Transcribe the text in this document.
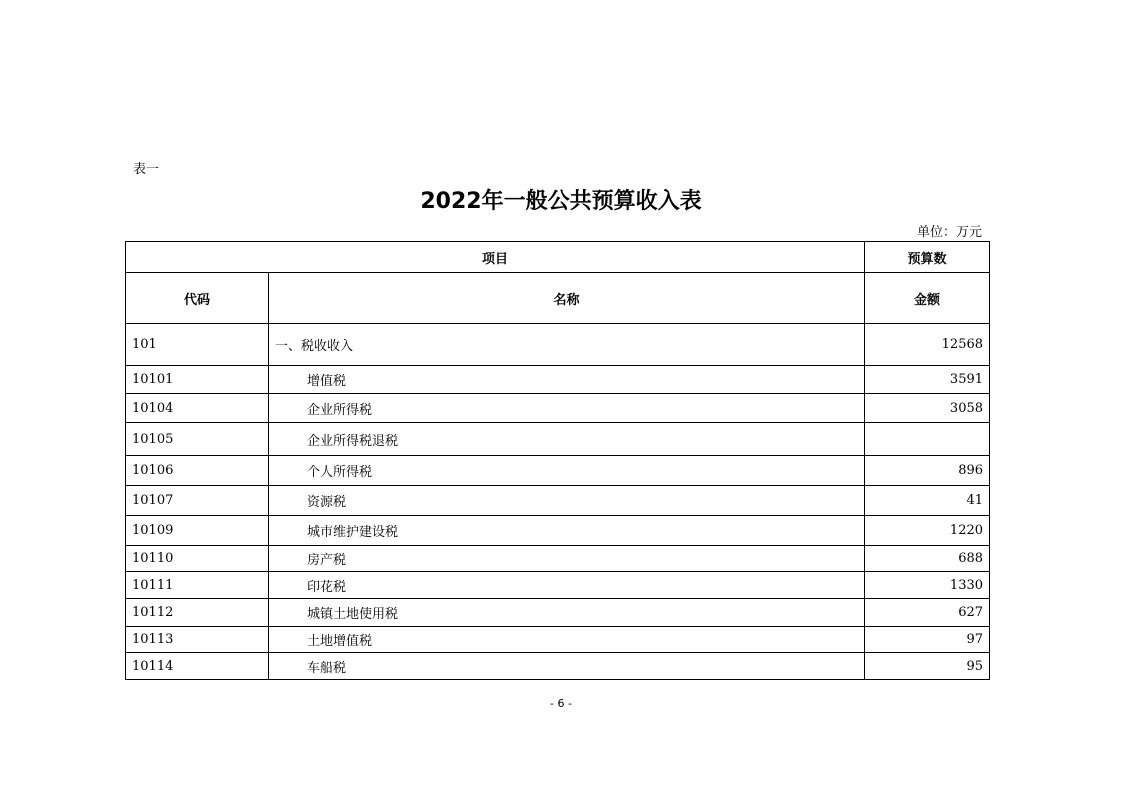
表一
2022年一般公共预算收入表
单位：万元
项目		预算数
代码	名称	金额
101	一、税收收入	12568
10101	增值税	3591
10104	企业所得税	3058
10105	企业所得税退税	
10106	个人所得税	896
10107	资源税	41
10109	城市维护建设税	1220
10110	房产税	688
10111	印花税	1330
10112	城镇土地使用税	627
10113	土地增值税	97
10114	车船税	95
- 6 -
